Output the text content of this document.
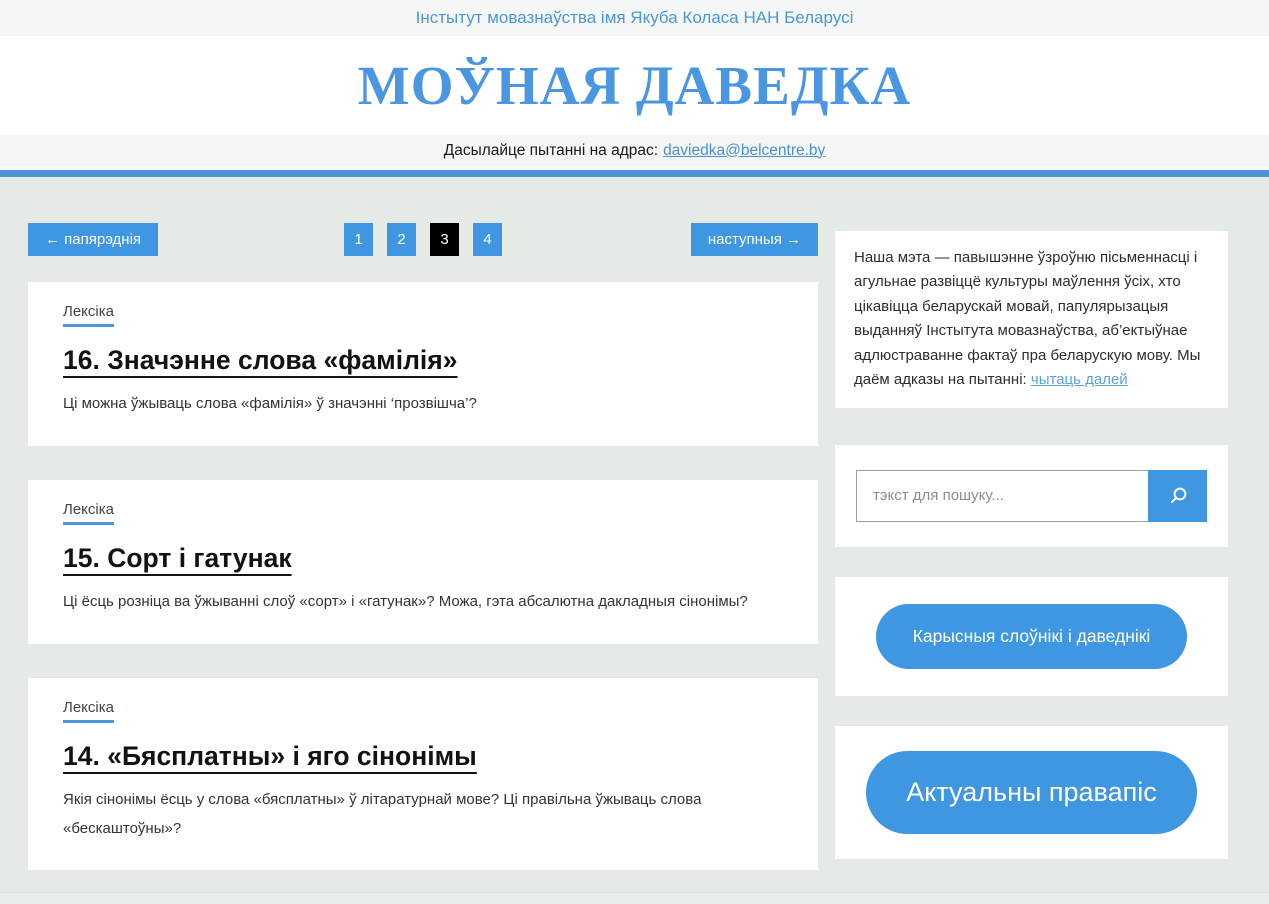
Інстытут мовазнаўства імя Якуба Коласа НАН Беларусі
МОЎНАЯ ДАВЕДКА
Дасылайце пытанні на адрас: daviedka@belcentre.by
← папярэднія	1	2	3	4	наступныя →
Лексіка
16. Значэнне слова «фамілія»

Ці можна ўжываць слова «фамілія» ў значэнні ‘прозвішча’?

Лексіка
15. Сорт і гатунак

Ці ёсць розніца ва ўжыванні слоў «сорт» і «гатунак»? Можа, гэта абсалютна дакладныя сінонімы?

Лексіка
14. «Бясплатны» і яго сінонімы

Якія сінонімы ёсць у слова «бясплатны» ў літаратурнай мове? Ці правільна ўжываць слова «бескаштоўны»?

Наша мэта — павышэнне ўзроўню пісьменнасці і агульнае развіццё культуры маўлення ўсіх, хто цікавіцца беларускай мовай, папулярызацыя выданняў Інстытута мовазнаўства, аб’ектыўнае адлюстраванне фактаў пра беларускую мову. Мы даём адказы на пытанні: чытаць далей
тэкст для пошуку...
Карысныя слоўнікі і даведнікі
Актуальны правапіс
